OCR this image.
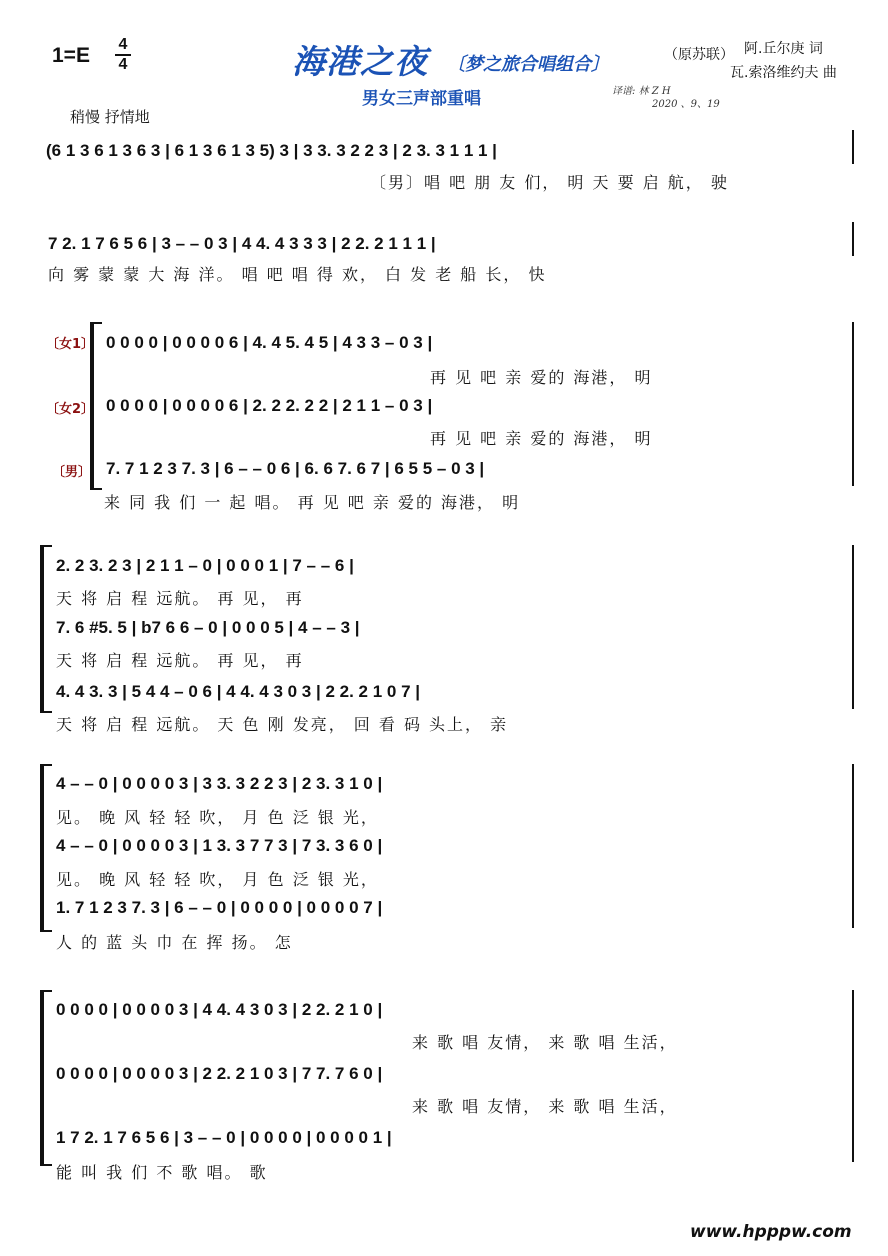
1=E 4
4	海港之夜 〔梦之旅合唱组合〕
男女三声部重唱
（原苏联） 阿.丘尔庚 词
瓦.索洛维约夫 曲
译谱: 林 Z H
2020 、9、19
稍慢 抒情地
(6 1 3 6 1 3 6 3 | 6 1 3 6 1 3 5) 3 | 3 3. 3 2 2 3 | 2 3. 3 1 1 1 |
〔男〕唱 吧 朋 友 们， 明 天 要 启 航， 驶
7 2. 1 7 6 5 6 | 3 – – 0 3 | 4 4. 4 3 3 3 | 2 2. 2 1 1 1 |
向 雾 蒙 蒙 大 海 洋。 唱 吧 唱 得 欢， 白 发 老 船 长， 快
〔女1〕
〔女2〕
〔男〕
0 0 0 0 | 0 0 0 0 6 | 4. 4 5. 4 5 | 4 3 3 – 0 3 |
再 见 吧 亲 爱的 海港， 明
0 0 0 0 | 0 0 0 0 6 | 2. 2 2. 2 2 | 2 1 1 – 0 3 |
再 见 吧 亲 爱的 海港， 明
7. 7 1 2 3 7. 3 | 6 – – 0 6 | 6. 6 7. 6 7 | 6 5 5 – 0 3 |
来 同 我 们 一 起 唱。 再 见 吧 亲 爱的 海港， 明
2. 2 3. 2 3 | 2 1 1 – 0 | 0 0 0 1 | 7 – – 6 |
天 将 启 程 远航。 再 见， 再
7. 6 #5. 5 | b7 6 6 – 0 | 0 0 0 5 | 4 – – 3 |
天 将 启 程 远航。 再 见， 再
4. 4 3. 3 | 5 4 4 – 0 6 | 4 4. 4 3 0 3 | 2 2. 2 1 0 7 |
天 将 启 程 远航。 天 色 刚 发亮， 回 看 码 头上， 亲
4 – – 0 | 0 0 0 0 3 | 3 3. 3 2 2 3 | 2 3. 3 1 0 |
见。 晚 风 轻 轻 吹， 月 色 泛 银 光，
4 – – 0 | 0 0 0 0 3 | 1 3. 3 7 7 3 | 7 3. 3 6 0 |
见。 晚 风 轻 轻 吹， 月 色 泛 银 光，
1. 7 1 2 3 7. 3 | 6 – – 0 | 0 0 0 0 | 0 0 0 0 7 |
人 的 蓝 头 巾 在 挥 扬。 怎
0 0 0 0 | 0 0 0 0 3 | 4 4. 4 3 0 3 | 2 2. 2 1 0 |
来 歌 唱 友情， 来 歌 唱 生活，
0 0 0 0 | 0 0 0 0 3 | 2 2. 2 1 0 3 | 7 7. 7 6 0 |
来 歌 唱 友情， 来 歌 唱 生活，
1 7 2. 1 7 6 5 6 | 3 – – 0 | 0 0 0 0 | 0 0 0 0 1 |
能 叫 我 们 不 歌 唱。 歌
www.hpppw.com
